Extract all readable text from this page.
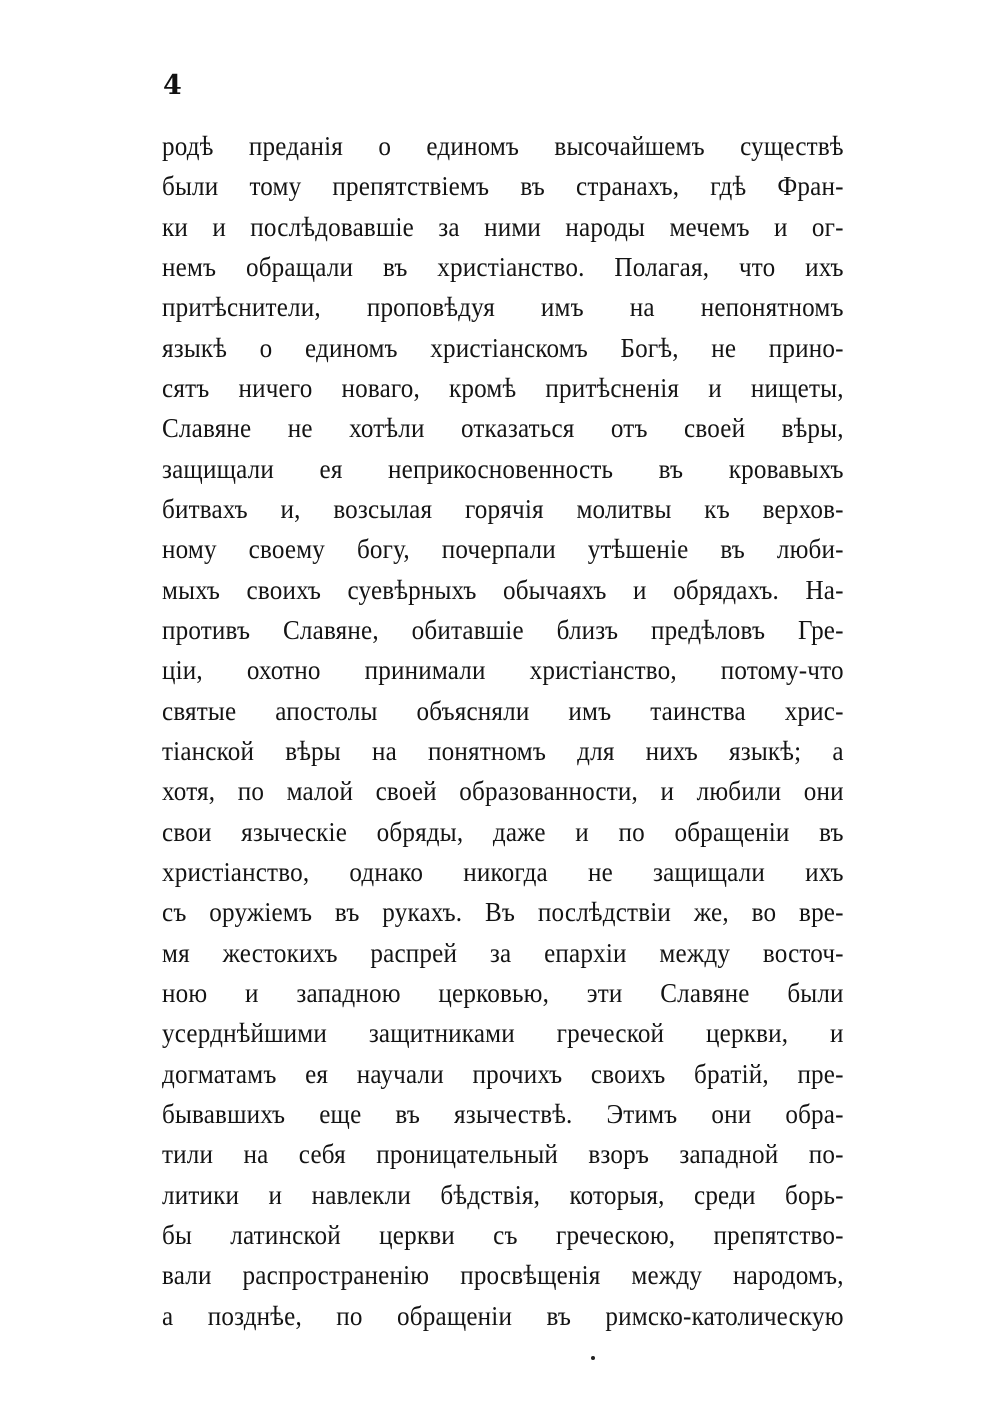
4
родѣ преданія о единомъ высочайшемъ существѣ
были тому препятствіемъ въ странахъ, гдѣ Фран-
ки и послѣдовавшіе за ними народы мечемъ и ог-
немъ обращали въ христіанство. Полагая, что ихъ
притѣснители, проповѣдуя имъ на непонятномъ
языкѣ о единомъ христіанскомъ Богѣ, не прино-
сятъ ничего новаго, кромѣ притѣсненія и нищеты,
Славяне не хотѣли отказаться отъ своей вѣры,
защищали ея неприкосновенность въ кровавыхъ
битвахъ и, возсылая горячія молитвы къ верхов-
ному своему богу, почерпали утѣшеніе въ люби-
мыхъ своихъ суевѣрныхъ обычаяхъ и обрядахъ. На-
противъ Славяне, обитавшіе близъ предѣловъ Гре-
ціи, охотно принимали христіанство, потому-что
святые апостолы объясняли имъ таинства хрис-
тіанской вѣры на понятномъ для нихъ языкѣ; а
хотя, по малой своей образованности, и любили они
свои языческіе обряды, даже и по обращеніи въ
христіанство, однако никогда не защищали ихъ
съ оружіемъ въ рукахъ. Въ послѣдствіи же, во вре-
мя жестокихъ распрей за епархіи между восточ-
ною и западною церковью, эти Славяне были
усерднѣйшими защитниками греческой церкви, и
догматамъ ея научали прочихъ своихъ братій, пре-
бывавшихъ еще въ язычествѣ. Этимъ они обра-
тили на себя проницательный взоръ западной по-
литики и навлекли бѣдствія, которыя, среди борь-
бы латинской церкви съ греческою, препятство-
вали распространенію просвѣщенія между народомъ,
а позднѣе, по обращеніи въ римско-католическую
